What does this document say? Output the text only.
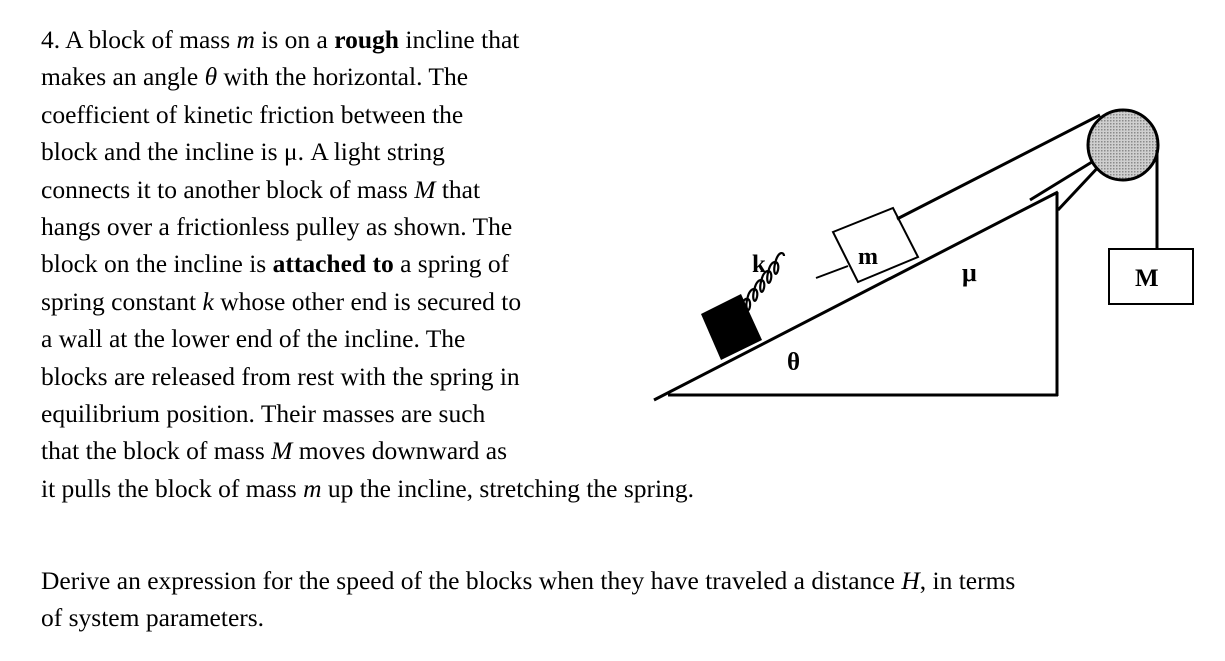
4. A block of mass m is on a rough incline that
makes an angle θ with the horizontal. The
coefficient of kinetic friction between the
block and the incline is μ. A light string
connects it to another block of mass M that
hangs over a frictionless pulley as shown. The
block on the incline is attached to a spring of
spring constant k whose other end is secured to
a wall at the lower end of the incline. The
blocks are released from rest with the spring in
equilibrium position. Their masses are such
that the block of mass M moves downward as
it pulls the block of mass m up the incline, stretching the spring.
Derive an expression for the speed of the blocks when they have traveled a distance H, in terms
of system parameters.
k	m
μ	M
θ
